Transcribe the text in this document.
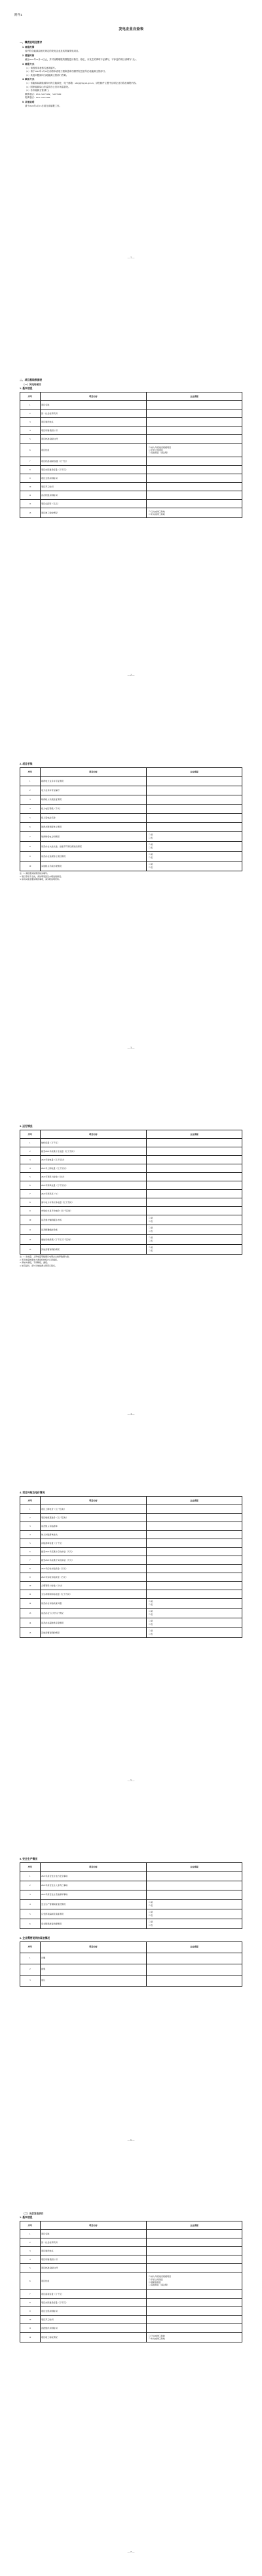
附件1
发电企业自查表
一、填表说明及要求
1. 填报范围
省内符合能源局相关规定的发电企业及其所属发电项目。
2. 填报时间
截至2021年12月31日止，并对前期填报的数据进行核实、修正，未发生的事项不必填写，不涉及的项目请填写“无”。
3. 填报方式
（1）请按照本表格式逐项填写。
（2）请于2022年1月10日前将本表电子版和盖章扫描件报送至所在地能源主管部门。
（3）其他问题请向当地能源主管部门咨询。
4. 联系方式
（1）省能源局新能源和可再生能源处，电子邮箱：sdnyj@nyj.sd.gov.cn，请在邮件主题中注明企业名称及填报内容。
（2）国家能源局山东监管办公室市场监管处。
（3）各市能源主管部门。
联系电话：0531-51073182，51073190
传真电话：0531-51073182
5. 其他说明
请于2022年4月15日前完成填报工作。
— 1 —
二、项目基础数据表
（一）风电场项目
1. 基本信息
序号	项目内容	企业填报
1	项目名称	
2	统一社会信用代码	
3	项目建设地点	
4	项目所属集团公司	
5	项目核准/备案文号	
6	项目性质	☐ 纳入年度建设规模项目
☐ 平价上网项目
☐ 其他项目（请注明）

7	项目核准/备案容量（万千瓦）	
8	项目实际建设容量（万千瓦）	
9	项目全部并网时间	
10	项目开工时间	
11	首台机组并网时间	
12	项目总投资（亿元）	
13	项目竣工验收情况	☐ 已完成竣工验收
☐ 未完成竣工验收
— 2 —
2. 项目手续
序号	项目内容	企业填报
1	取得电力业务许可证情况	
2	电力业务许可证编号	
3	取得接入系统批复情况	
4	接入电压等级（千伏）	
5	接入变电站名称	
6	取得并网调度协议情况	
7	取得购售电合同情况	☐ 是
☐ 否

8	是否存在未批先建、批建不符等违规建设情况	☐ 是
☐ 否

9	是否存在违规转让项目情况	☐ 是
☐ 否

10	其他相关手续办理情况	☐ 是
☐ 否
注：1. 请按照实际情况如实填写。
2. 项目手续不全的，请说明原因及办理进展情况。
3. 如有其他需要说明的事项，请另附说明材料。
— 3 —
3. 运行情况
序号	项目内容	企业填报
1	装机容量（万千瓦）	
2	截至2021年底累计发电量（亿千瓦时）	
3	2021年发电量（亿千瓦时）	
4	2021年上网电量（亿千瓦时）	
5	2021年利用小时数（小时）	
6	2021年弃风电量（万千瓦时）	
7	2021年弃风率（%）	
8	参与电力市场交易电量（亿千瓦时）	
9	市场化交易平均电价（元/千瓦时）	
10	是否参与辅助服务市场	☐ 是
☐ 否

11	是否配置储能设施	☐ 是
☐ 否

12	储能设施规模（万千瓦/万千瓦时）	☐ 是
☐ 否

13	其他需要说明的情况	☐ 是
☐ 否
注：1. 发电量、上网电量等数据以电网企业结算数据为准。
2. 弃风电量按照电力调度机构统计口径填报。
3. 请如实填报，不得瞒报、漏报。
4. 如有疑问，请与当地能源主管部门联系。
— 4 —
4. 项目补贴及电价情况
序号	项目内容	企业填报
1	项目上网电价（元/千瓦时）	
2	项目燃煤基准价（元/千瓦时）	
3	是否纳入补贴清单	
4	纳入补贴清单批次	
5	补贴清单容量（万千瓦）	
6	截至2021年底累计应收补贴（万元）	
7	截至2021年底累计实收补贴（万元）	
8	2021年应收补贴资金（万元）	
9	2021年实收补贴资金（万元）	
10	合理利用小时数（小时）	
11	全生命周期补贴电量（亿千瓦时）	
12	是否存在补贴核查问题	☐ 是
☐ 否

13	是否存在“以大代小”情况	☐ 是
☐ 否

14	是否存在超装机容量情况	☐ 是
☐ 否

15	其他需要说明的情况	☐ 是
☐ 否
— 5 —
5. 安全生产情况
序号	项目内容	企业填报
1	2021年是否发生电力安全事故	
2	2021年是否发生人身伤亡事故	
3	2021年是否发生设备损坏事故	
4	安全生产管理制度建设情况	☐ 是
☐ 否

5	应急预案编制及演练情况	☐ 是
☐ 否

6	安全隐患排查治理情况	☐ 是
☐ 否
6. 企业需要说明的其他情况
序号	项目内容	企业填报
1	问题	
2	措施	
3	建议	
— 6 —
（二）光伏发电项目
1. 基本信息
序号	项目内容	企业填报
1	项目名称	
2	统一社会信用代码	
3	项目建设地点	
4	项目所属集团公司	
5	项目核准/备案文号	
6	项目性质	☐ 纳入年度建设规模项目
☐ 平价上网项目
☐ 领跑者项目
☐ 其他项目（请注明）

7	项目备案容量（万千瓦）	
8	项目实际建设容量（万千瓦）	
9	项目全部并网时间	
10	项目开工时间	
11	首批组件并网时间	
12	项目竣工验收情况	☐ 已完成竣工验收
☐ 未完成竣工验收
— 7 —
